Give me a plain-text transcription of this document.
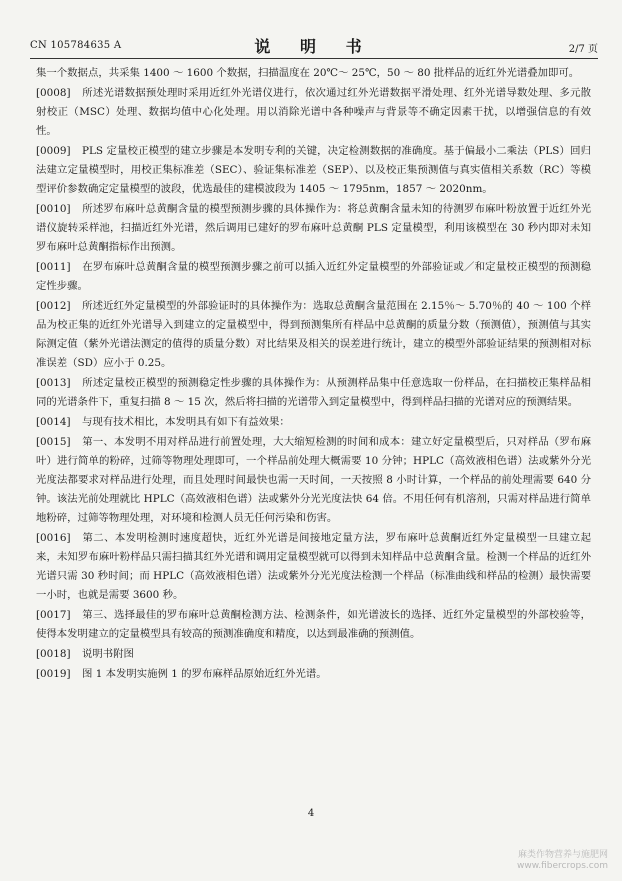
CN 105784635 A	说 明 书	2/7 页

集一个数据点，共采集 1400 ～ 1600 个数据，扫描温度在 20℃～ 25℃，50 ～ 80 批样品的近红外光谱叠加即可。

[0008] 所述光谱数据预处理时采用近红外光谱仪进行，依次通过红外光谱数据平滑处理、红外光谱导数处理、多元散射校正（MSC）处理、数据均值中心化处理。用以消除光谱中各种噪声与背景等不确定因素干扰，以增强信息的有效性。

[0009] PLS 定量校正模型的建立步骤是本发明专利的关键，决定检测数据的准确度。基于偏最小二乘法（PLS）回归法建立定量模型时，用校正集标准差（SEC）、验证集标准差（SEP）、以及校正集预测值与真实值相关系数（RC）等模型评价参数确定定量模型的波段，优选最佳的建模波段为 1405 ～ 1795nm，1857 ～ 2020nm。

[0010] 所述罗布麻叶总黄酮含量的模型预测步骤的具体操作为：将总黄酮含量未知的待测罗布麻叶粉放置于近红外光谱仪旋转采样池，扫描近红外光谱，然后调用已建好的罗布麻叶总黄酮 PLS 定量模型，利用该模型在 30 秒内即对未知罗布麻叶总黄酮指标作出预测。

[0011] 在罗布麻叶总黄酮含量的模型预测步骤之前可以插入近红外定量模型的外部验证或／和定量校正模型的预测稳定性步骤。

[0012] 所述近红外定量模型的外部验证时的具体操作为：选取总黄酮含量范围在 2.15％～ 5.70％的 40 ～ 100 个样品为校正集的近红外光谱导入到建立的定量模型中，得到预测集所有样品中总黄酮的质量分数（预测值），预测值与其实际测定值（紫外光谱法测定的值得的质量分数）对比结果及相关的误差进行统计，建立的模型外部验证结果的预测相对标准误差（SD）应小于 0.25。

[0013] 所述定量校正模型的预测稳定性步骤的具体操作为：从预测样品集中任意选取一份样品，在扫描校正集样品相同的光谱条件下，重复扫描 8 ～ 15 次，然后将扫描的光谱带入到定量模型中，得到样品扫描的光谱对应的预测结果。

[0014] 与现有技术相比，本发明具有如下有益效果：

[0015] 第一、本发明不用对样品进行前置处理，大大缩短检测的时间和成本：建立好定量模型后，只对样品（罗布麻叶）进行简单的粉碎，过筛等物理处理即可，一个样品前处理大概需要 10 分钟；HPLC（高效液相色谱）法或紫外分光光度法都要求对样品进行处理，而且处理时间最快也需一天时间，一天按照 8 小时计算，一个样品的前处理需要 640 分钟。该法光前处理就比 HPLC（高效液相色谱）法或紫外分光光度法快 64 倍。不用任何有机溶剂，只需对样品进行简单地粉碎，过筛等物理处理，对环境和检测人员无任何污染和伤害。

[0016] 第二、本发明检测时速度超快，近红外光谱是间接地定量方法，罗布麻叶总黄酮近红外定量模型一旦建立起来，未知罗布麻叶粉样品只需扫描其红外光谱和调用定量模型就可以得到未知样品中总黄酮含量。检测一个样品的近红外光谱只需 30 秒时间；而 HPLC（高效液相色谱）法或紫外分光光度法检测一个样品（标准曲线和样品的检测）最快需要一小时，也就是需要 3600 秒。

[0017] 第三、选择最佳的罗布麻叶总黄酮检测方法、检测条件，如光谱波长的选择、近红外定量模型的外部校验等，使得本发明建立的定量模型具有较高的预测准确度和精度，以达到最准确的预测值。

[0018] 说明书附图

[0019] 图 1 本发明实施例 1 的罗布麻样品原始近红外光谱。

4
麻类作物营养与施肥网
www.fibercrops.com
